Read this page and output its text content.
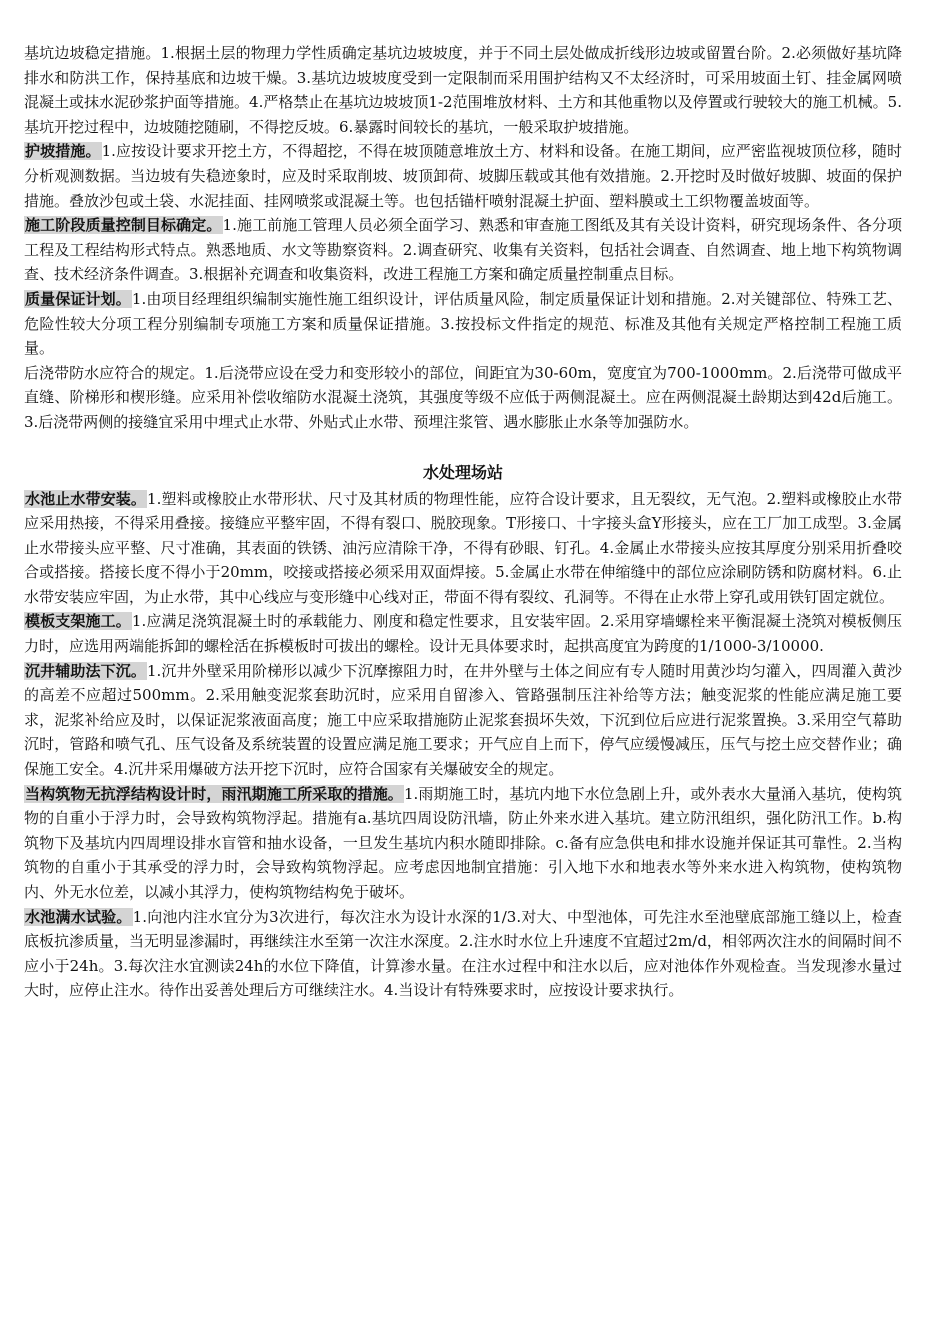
基坑边坡稳定措施。1.根据土层的物理力学性质确定基坑边坡坡度，并于不同土层处做成折线形边坡或留置台阶。2.必须做好基坑降排水和防洪工作，保持基底和边坡干燥。3.基坑边坡坡度受到一定限制而采用围护结构又不太经济时，可采用坡面土钉、挂金属网喷混凝土或抹水泥砂浆护面等措施。4.严格禁止在基坑边坡坡顶1-2范围堆放材料、土方和其他重物以及停置或行驶较大的施工机械。5.基坑开挖过程中，边坡随挖随刷，不得挖反坡。6.暴露时间较长的基坑，一般采取护坡措施。

护坡措施。1.应按设计要求开挖土方，不得超挖，不得在坡顶随意堆放土方、材料和设备。在施工期间，应严密监视坡顶位移，随时分析观测数据。当边坡有失稳迹象时，应及时采取削坡、坡顶卸荷、坡脚压载或其他有效措施。2.开挖时及时做好坡脚、坡面的保护措施。叠放沙包或土袋、水泥挂面、挂网喷浆或混凝土等。也包括锚杆喷射混凝土护面、塑料膜或土工织物覆盖坡面等。

施工阶段质量控制目标确定。1.施工前施工管理人员必须全面学习、熟悉和审查施工图纸及其有关设计资料，研究现场条件、各分项工程及工程结构形式特点。熟悉地质、水文等勘察资料。2.调查研究、收集有关资料，包括社会调查、自然调查、地上地下构筑物调查、技术经济条件调查。3.根据补充调查和收集资料，改进工程施工方案和确定质量控制重点目标。

质量保证计划。1.由项目经理组织编制实施性施工组织设计，评估质量风险，制定质量保证计划和措施。2.对关键部位、特殊工艺、危险性较大分项工程分别编制专项施工方案和质量保证措施。3.按投标文件指定的规范、标准及其他有关规定严格控制工程施工质量。

后浇带防水应符合的规定。1.后浇带应设在受力和变形较小的部位，间距宜为30-60m，宽度宜为700-1000mm。2.后浇带可做成平直缝、阶梯形和楔形缝。应采用补偿收缩防水混凝土浇筑，其强度等级不应低于两侧混凝土。应在两侧混凝土龄期达到42d后施工。3.后浇带两侧的接缝宜采用中埋式止水带、外贴式止水带、预埋注浆管、遇水膨胀止水条等加强防水。

水处理场站

水池止水带安装。1.塑料或橡胶止水带形状、尺寸及其材质的物理性能，应符合设计要求，且无裂纹，无气泡。2.塑料或橡胶止水带应采用热接，不得采用叠接。接缝应平整牢固，不得有裂口、脱胶现象。T形接口、十字接头盒Y形接头，应在工厂加工成型。3.金属止水带接头应平整、尺寸准确，其表面的铁锈、油污应清除干净，不得有砂眼、钉孔。4.金属止水带接头应按其厚度分别采用折叠咬合或搭接。搭接长度不得小于20mm，咬接或搭接必须采用双面焊接。5.金属止水带在伸缩缝中的部位应涂刷防锈和防腐材料。6.止水带安装应牢固，为止水带，其中心线应与变形缝中心线对正，带面不得有裂纹、孔洞等。不得在止水带上穿孔或用铁钉固定就位。

模板支架施工。1.应满足浇筑混凝土时的承载能力、刚度和稳定性要求，且安装牢固。2.采用穿墙螺栓来平衡混凝土浇筑对模板侧压力时，应选用两端能拆卸的螺栓活在拆模板时可拔出的螺栓。设计无具体要求时，起拱高度宜为跨度的1/1000-3/10000.

沉井辅助法下沉。1.沉井外壁采用阶梯形以减少下沉摩擦阻力时，在井外壁与土体之间应有专人随时用黄沙均匀灌入，四周灌入黄沙的高差不应超过500mm。2.采用触变泥浆套助沉时，应采用自留渗入、管路强制压注补给等方法；触变泥浆的性能应满足施工要求，泥浆补给应及时，以保证泥浆液面高度；施工中应采取措施防止泥浆套损坏失效，下沉到位后应进行泥浆置换。3.采用空气幕助沉时，管路和喷气孔、压气设备及系统装置的设置应满足施工要求；开气应自上而下，停气应缓慢减压，压气与挖土应交替作业；确保施工安全。4.沉井采用爆破方法开挖下沉时，应符合国家有关爆破安全的规定。

当构筑物无抗浮结构设计时，雨汛期施工所采取的措施。1.雨期施工时，基坑内地下水位急剧上升，或外表水大量涌入基坑，使构筑物的自重小于浮力时，会导致构筑物浮起。措施有a.基坑四周设防汛墙，防止外来水进入基坑。建立防汛组织，强化防汛工作。b.构筑物下及基坑内四周埋设排水盲管和抽水设备，一旦发生基坑内积水随即排除。c.备有应急供电和排水设施并保证其可靠性。2.当构筑物的自重小于其承受的浮力时，会导致构筑物浮起。应考虑因地制宜措施：引入地下水和地表水等外来水进入构筑物，使构筑物内、外无水位差，以减小其浮力，使构筑物结构免于破坏。

水池满水试验。1.向池内注水宜分为3次进行，每次注水为设计水深的1/3.对大、中型池体，可先注水至池壁底部施工缝以上，检查底板抗渗质量，当无明显渗漏时，再继续注水至第一次注水深度。2.注水时水位上升速度不宜超过2m/d，相邻两次注水的间隔时间不应小于24h。3.每次注水宜测读24h的水位下降值，计算渗水量。在注水过程中和注水以后，应对池体作外观检查。当发现渗水量过大时，应停止注水。待作出妥善处理后方可继续注水。4.当设计有特殊要求时，应按设计要求执行。
